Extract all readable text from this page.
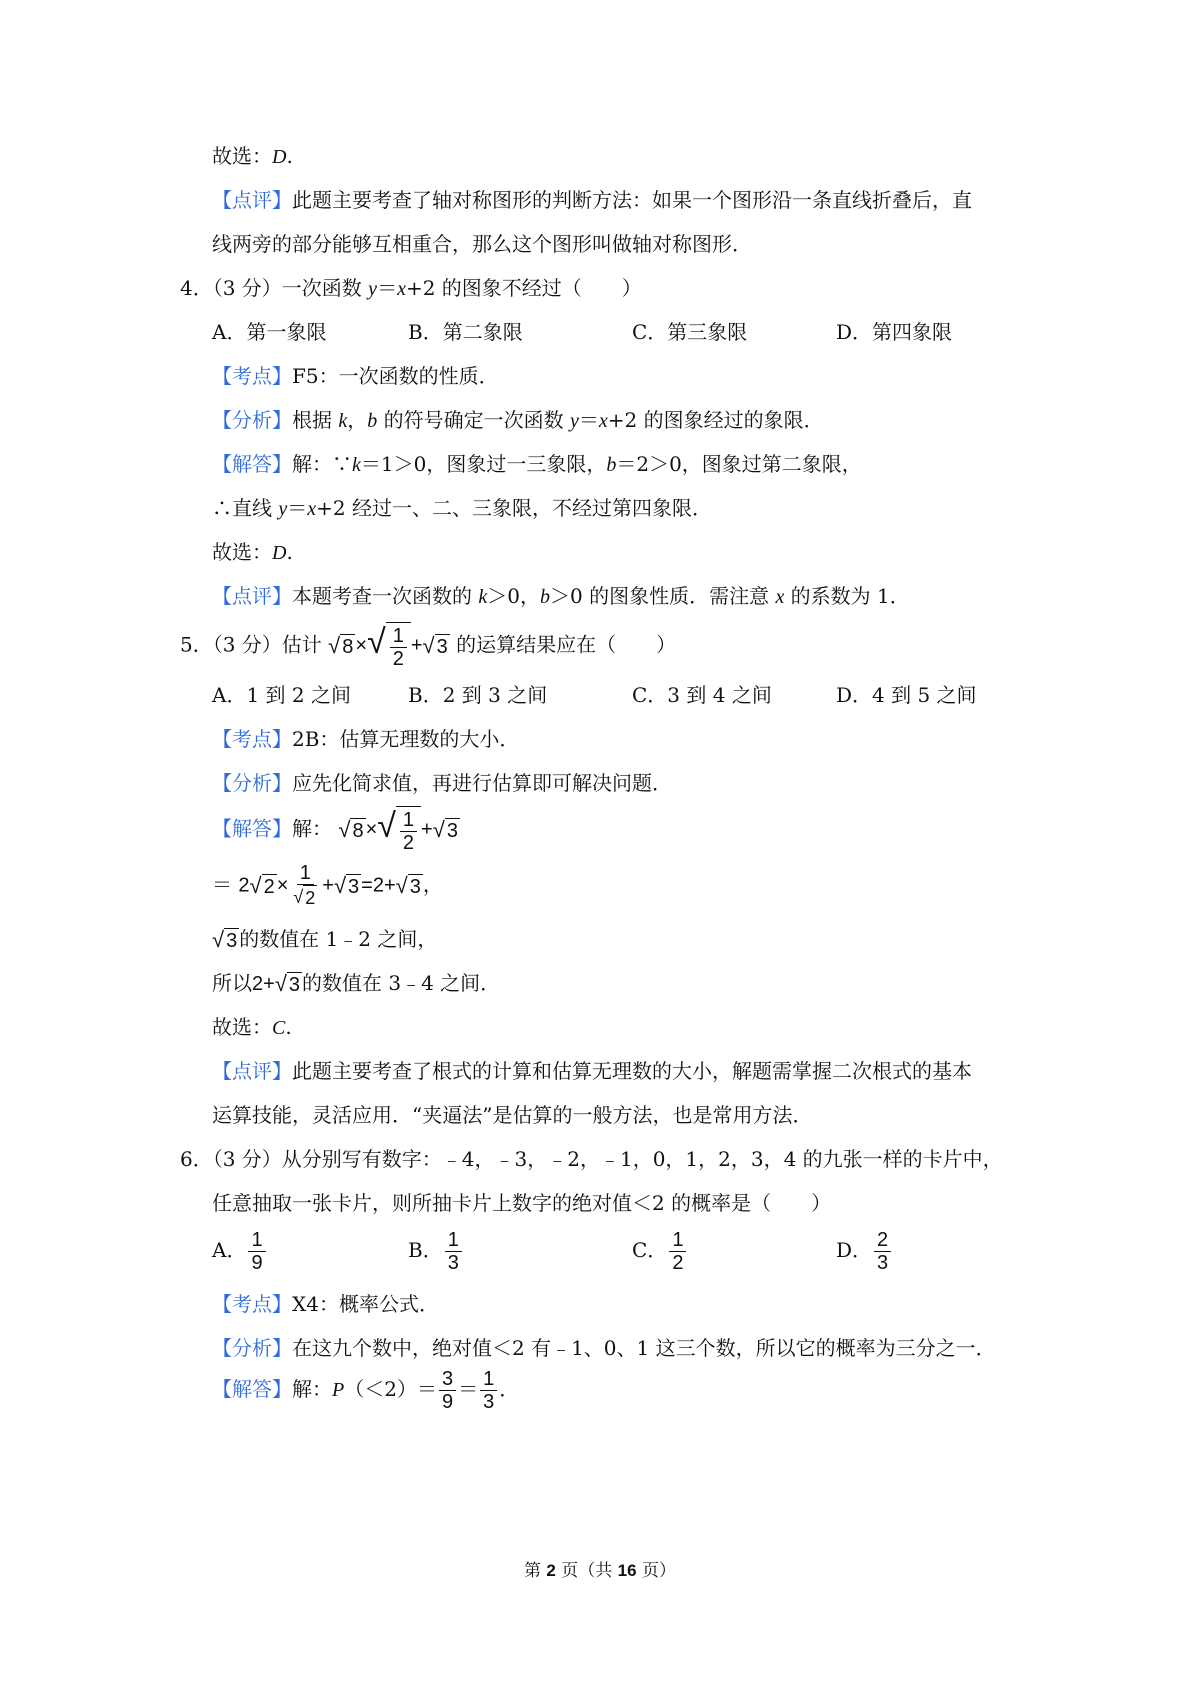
故选：D.
【点评】此题主要考查了轴对称图形的判断方法：如果一个图形沿一条直线折叠后，直
线两旁的部分能够互相重合，那么这个图形叫做轴对称图形．
4．（3 分）一次函数 y＝x+2 的图象不经过（　　）
A．第一象限	B．第二象限	C．第三象限	D．第四象限
【考点】F5：一次函数的性质．
【分析】根据 k，b 的符号确定一次函数 y＝x+2 的图象经过的象限．
【解答】解：∵k＝1＞0，图象过一三象限，b＝2＞0，图象过第二象限，
∴直线 y＝x+2 经过一、二、三象限，不经过第四象限．
故选：D.
【点评】本题考查一次函数的 k＞0，b＞0 的图象性质．需注意 x 的系数为 1．
5．（3 分）估计 √ 8 × √ $\frac{1}{2}$ + √ 3 的运算结果应在（　　）
A．1 到 2 之间	B．2 到 3 之间	C．3 到 4 之间	D．4 到 5 之间
【考点】2B：估算无理数的大小．
【分析】应先化简求值，再进行估算即可解决问题．
【解答】解： √ 8 × √ $\frac{1}{2}$ + √ 3
＝ 2 √ $2 \times \frac{1}{√ 2}$ + √ 3 =2+ √ 3 ，
√ 3 的数值在 1﹣2 之间，
所以2+ √ 3 的数值在 3﹣4 之间．
故选：C.
【点评】此题主要考查了根式的计算和估算无理数的大小，解题需掌握二次根式的基本
运算技能，灵活应用．“夹逼法”是估算的一般方法，也是常用方法．
6．（3 分）从分别写有数字：﹣4，﹣3，﹣2，﹣1，0，1，2，3，4 的九张一样的卡片中，
任意抽取一张卡片，则所抽卡片上数字的绝对值＜2 的概率是（　　）
A． $\frac{1}{9}$	B． $\frac{1}{3}$	C． $\frac{1}{2}$	D． $\frac{2}{3}$
【考点】X4：概率公式．
【分析】在这九个数中，绝对值＜2 有﹣1、0、1 这三个数，所以它的概率为三分之一．
【解答】解：$P(<2)= \frac{3}{9} = \frac{1}{3}$ ．
第 2 页（共 16 页）
